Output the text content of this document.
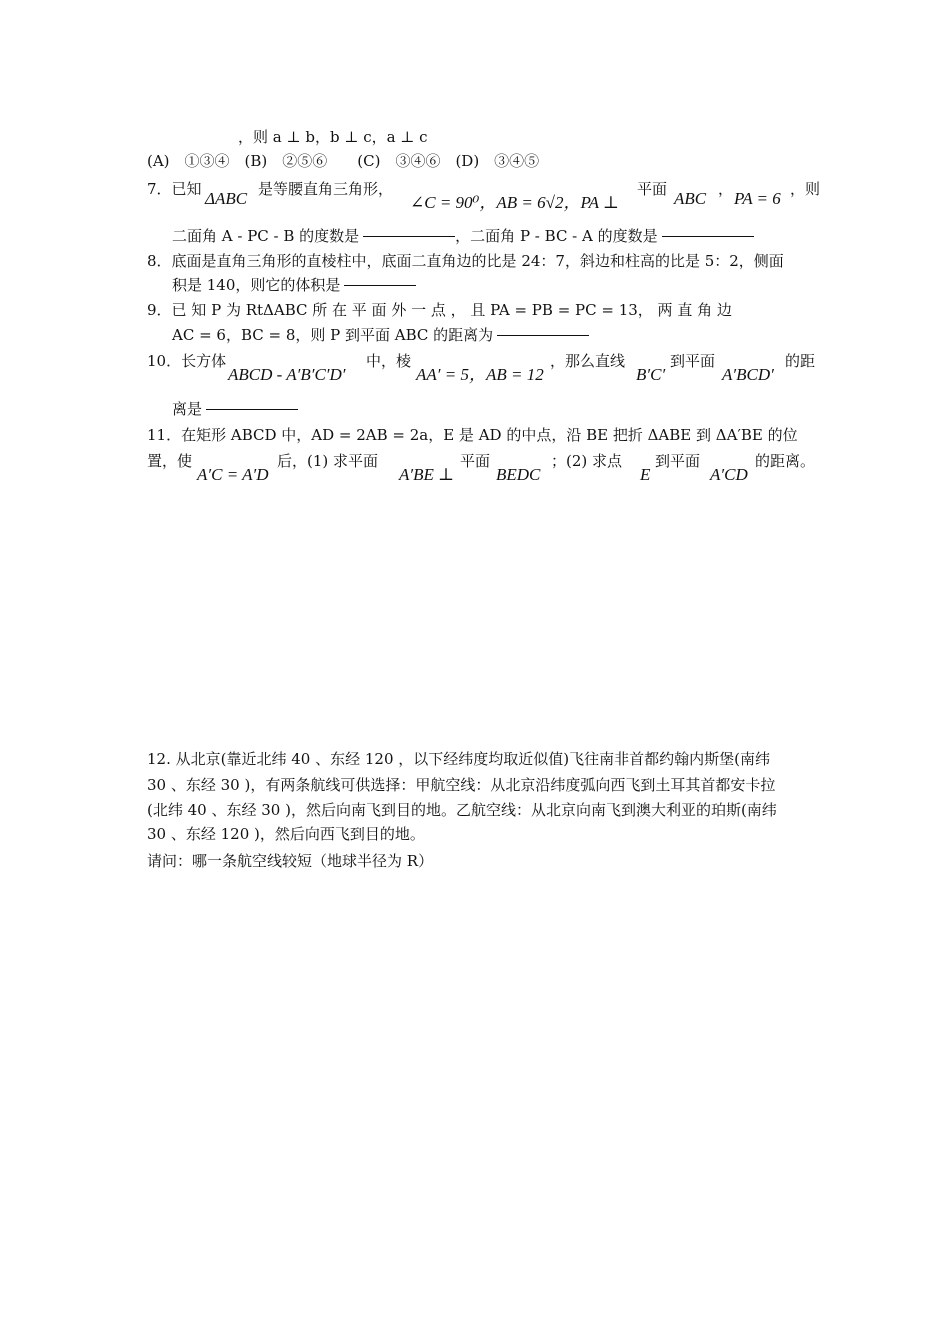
，则 a ⊥ b，b ⊥ c，a ⊥ c
(A)　①③④　(B)　②⑤⑥　　(C)　③④⑥　(D)　③④⑤
7．已知 ΔABC 是等腰直角三角形，
∠C = 90⁰，AB = 6√2，PA ⊥
平面 ABC ， PA = 6 ，则
二面角 A - PC - B 的度数是	，二面角 P - BC - A 的度数是
8．底面是直角三角形的直棱柱中，底面二直角边的比是 24：7，斜边和柱高的比是 5：2，侧面
积是 140，则它的体积是
9．已 知 P 为 RtΔABC 所 在 平 面 外 一 点 ， 且 PA = PB = PC = 13， 两 直 角 边
AC = 6，BC = 8，则 P 到平面 ABC 的距离为
10．长方体
ABCD - A′B′C′D′
中，棱
AA′ = 5，AB = 12
，那么直线
B′C′
到平面
A′BCD′
的距
离是
11．在矩形 ABCD 中，AD = 2AB = 2a，E 是 AD 的中点，沿 BE 把折 ΔABE 到 ΔA′BE 的位
置，使
A′C = A′D
后，(1) 求平面
A′BE ⊥
平面
BEDC
；(2) 求点
E
到平面
A′CD
的距离。
12. 从北京(靠近北纬 40 、东经 120 ，以下经纬度均取近似值)飞往南非首都约翰内斯堡(南纬
30 、东经 30 )，有两条航线可供选择：甲航空线：从北京沿纬度弧向西飞到土耳其首都安卡拉
(北纬 40 、东经 30 )，然后向南飞到目的地。乙航空线：从北京向南飞到澳大利亚的珀斯(南纬
30 、东经 120 )，然后向西飞到目的地。
请问：哪一条航空线较短（地球半径为 R）
